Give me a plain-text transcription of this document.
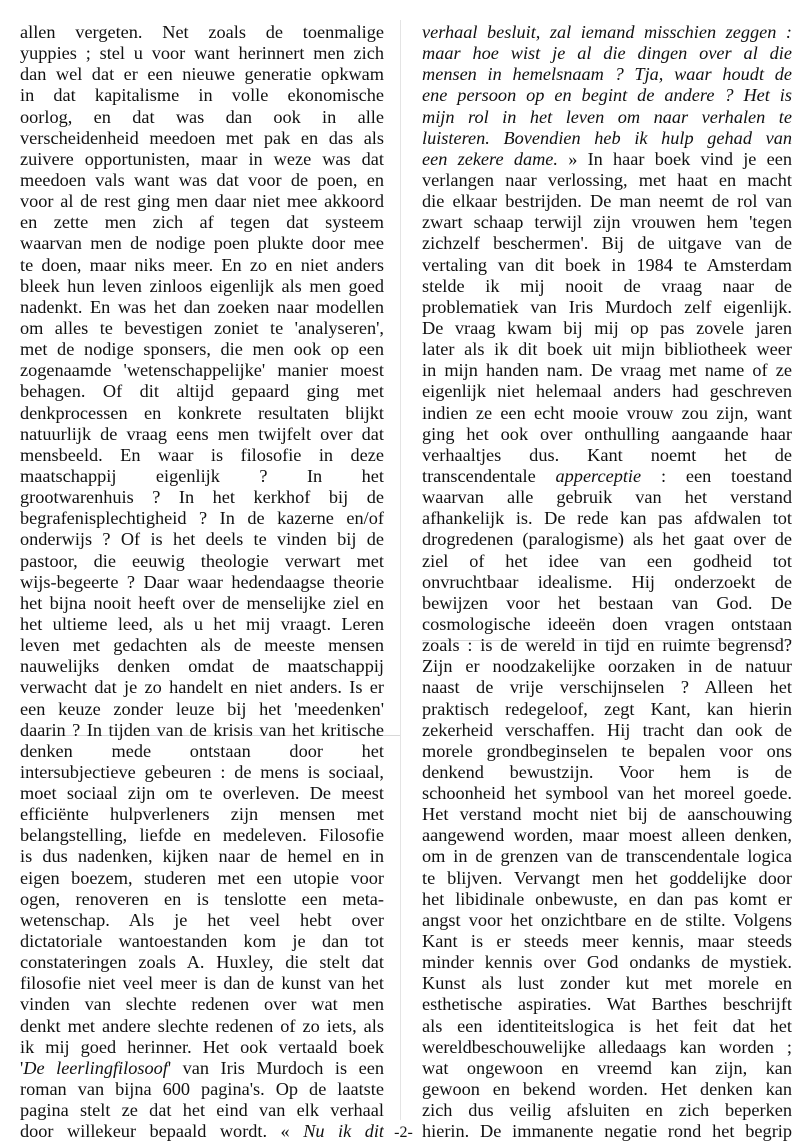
allen vergeten. Net zoals de toenmalige
yuppies ; stel u voor want herinnert men zich
dan wel dat er een nieuwe generatie opkwam
in dat kapitalisme in volle ekonomische
oorlog, en dat was dan ook in alle
verscheidenheid meedoen met pak en das als
zuivere opportunisten, maar in weze was dat
meedoen vals want was dat voor de poen, en
voor al de rest ging men daar niet mee akkoord
en zette men zich af tegen dat systeem
waarvan men de nodige poen plukte door mee
te doen, maar niks meer. En zo en niet anders
bleek hun leven zinloos eigenlijk als men goed
nadenkt. En was het dan zoeken naar modellen
om alles te bevestigen zoniet te 'analyseren',
met de nodige sponsers, die men ook op een
zogenaamde 'wetenschappelijke' manier moest
behagen. Of dit altijd gepaard ging met
denkprocessen en konkrete resultaten blijkt
natuurlijk de vraag eens men twijfelt over dat
mensbeeld. En waar is filosofie in deze
maatschappij eigenlijk ? In het
grootwarenhuis ? In het kerkhof bij de
begrafenisplechtigheid ? In de kazerne en/of
onderwijs ? Of is het deels te vinden bij de
pastoor, die eeuwig theologie verwart met
wijs-begeerte ? Daar waar hedendaagse theorie
het bijna nooit heeft over de menselijke ziel en
het ultieme leed, als u het mij vraagt. Leren
leven met gedachten als de meeste mensen
nauwelijks denken omdat de maatschappij
verwacht dat je zo handelt en niet anders. Is er
een keuze zonder leuze bij het 'meedenken'
daarin ? In tijden van de krisis van het kritische
denken mede ontstaan door het
intersubjectieve gebeuren : de mens is sociaal,
moet sociaal zijn om te overleven. De meest
efficiënte hulpverleners zijn mensen met
belangstelling, liefde en medeleven. Filosofie
is dus nadenken, kijken naar de hemel en in
eigen boezem, studeren met een utopie voor
ogen, renoveren en is tenslotte een meta-
wetenschap. Als je het veel hebt over
dictatoriale wantoestanden kom je dan tot
constateringen zoals A. Huxley, die stelt dat
filosofie niet veel meer is dan de kunst van het
vinden van slechte redenen over wat men
denkt met andere slechte redenen of zo iets, als
ik mij goed herinner. Het ook vertaald boek
'De leerlingfilosoof' van Iris Murdoch is een
roman van bijna 600 pagina's. Op de laatste
pagina stelt ze dat het eind van elk verhaal
door willekeur bepaald wordt. « Nu ik dit
verhaal besluit, zal iemand misschien zeggen :
maar hoe wist je al die dingen over al die
mensen in hemelsnaam ? Tja, waar houdt de
ene persoon op en begint de andere ? Het is
mijn rol in het leven om naar verhalen te
luisteren. Bovendien heb ik hulp gehad van
een zekere dame. » In haar boek vind je een
verlangen naar verlossing, met haat en macht
die elkaar bestrijden. De man neemt de rol van
zwart schaap terwijl zijn vrouwen hem 'tegen
zichzelf beschermen'. Bij de uitgave van de
vertaling van dit boek in 1984 te Amsterdam
stelde ik mij nooit de vraag naar de
problematiek van Iris Murdoch zelf eigenlijk.
De vraag kwam bij mij op pas zovele jaren
later als ik dit boek uit mijn bibliotheek weer
in mijn handen nam. De vraag met name of ze
eigenlijk niet helemaal anders had geschreven
indien ze een echt mooie vrouw zou zijn, want
ging het ook over onthulling aangaande haar
verhaaltjes dus. Kant noemt het de
transcendentale apperceptie : een toestand
waarvan alle gebruik van het verstand
afhankelijk is. De rede kan pas afdwalen tot
drogredenen (paralogisme) als het gaat over de
ziel of het idee van een godheid tot
onvruchtbaar idealisme. Hij onderzoekt de
bewijzen voor het bestaan van God. De
cosmologische ideeën doen vragen ontstaan
zoals : is de wereld in tijd en ruimte begrensd?
Zijn er noodzakelijke oorzaken in de natuur
naast de vrije verschijnselen ? Alleen het
praktisch redegeloof, zegt Kant, kan hierin
zekerheid verschaffen. Hij tracht dan ook de
morele grondbeginselen te bepalen voor ons
denkend bewustzijn. Voor hem is de
schoonheid het symbool van het moreel goede.
Het verstand mocht niet bij de aanschouwing
aangewend worden, maar moest alleen denken,
om in de grenzen van de transcendentale logica
te blijven. Vervangt men het goddelijke door
het libidinale onbewuste, en dan pas komt er
angst voor het onzichtbare en de stilte. Volgens
Kant is er steeds meer kennis, maar steeds
minder kennis over God ondanks de mystiek.
Kunst als lust zonder kut met morele en
esthetische aspiraties. Wat Barthes beschrijft
als een identiteitslogica is het feit dat het
wereldbeschouwelijke alledaags kan worden ;
wat ongewoon en vreemd kan zijn, kan
gewoon en bekend worden. Het denken kan
zich dus veilig afsluiten en zich beperken
hierin. De immanente negatie rond het begrip
-2-
